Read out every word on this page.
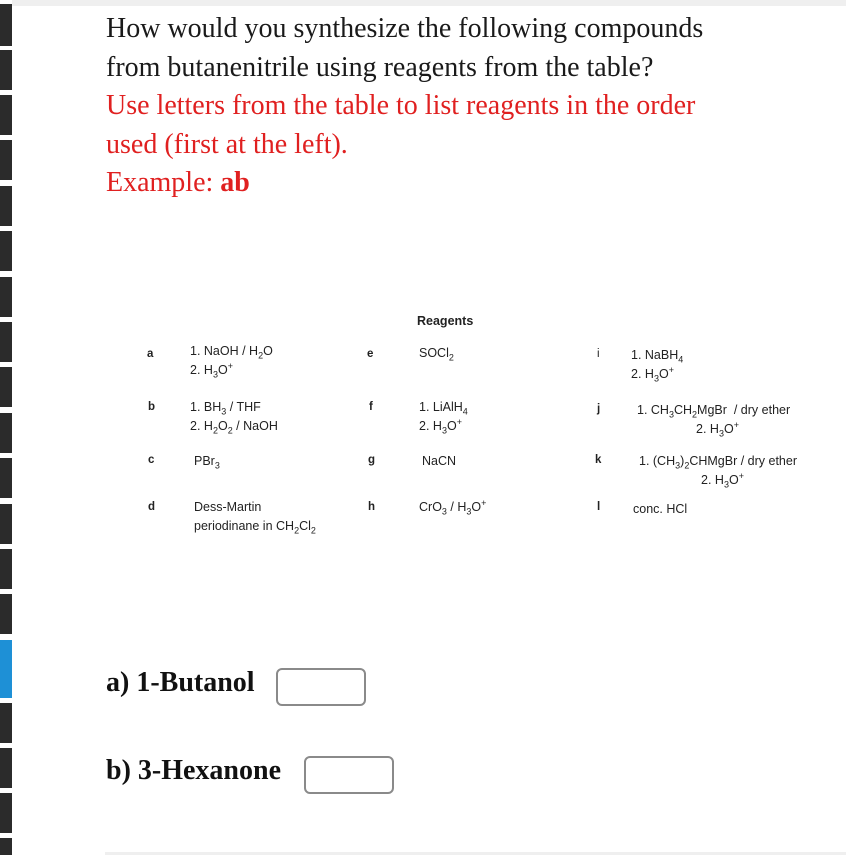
How would you synthesize the following compounds
from butanenitrile using reagents from the table?
Use letters from the table to list reagents in the order
used (first at the left).
Example: ab
Reagents
a
b
c
d
e
f
g
h
i
j
k
l
1. NaOH / $H_2O$
2. $H_3O^+$
1. $BH_3$ / THF
2. $H_2O_2$ / NaOH
PBr$_3$
Dess-Martin
periodinane in $CH_2Cl_2$
SOCl$_2$
1. LiAlH$_4$
2. $H_3O^+$
NaCN
$CrO_3 / H_3O^+$
1. NaBH$_4$
2. $H_3O^+$
1. $CH_3CH_2MgBr$  / dry ether
2. $H_3O^+$
1. $(CH_3)_2CHMgBr$ / dry ether
2. $H_3O^+$
conc. HCl
a) 1-Butanol
b) 3-Hexanone
